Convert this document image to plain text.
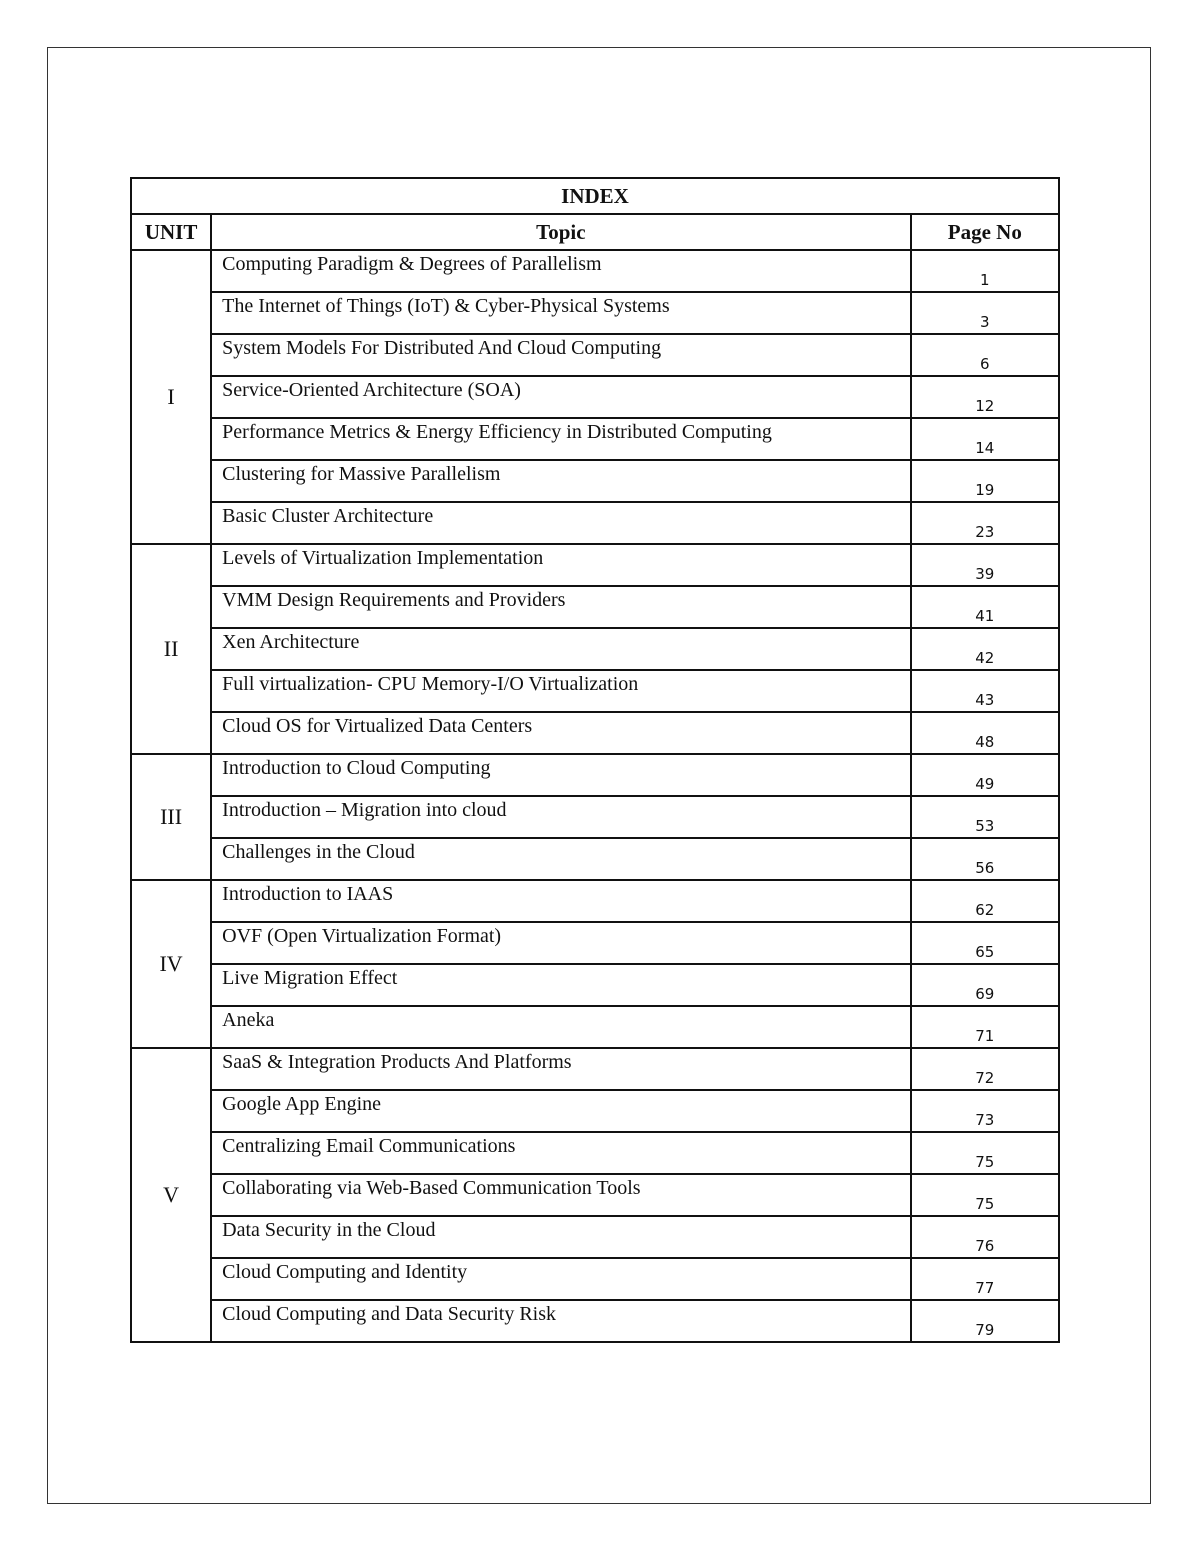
INDEX		
UNIT	Topic	Page No
I	Computing Paradigm & Degrees of Parallelism	1
	The Internet of Things (IoT) & Cyber-Physical Systems	3
	System Models For Distributed And Cloud Computing	6
	Service-Oriented Architecture (SOA)	12
	Performance Metrics & Energy Efficiency in Distributed Computing	14
	Clustering for Massive Parallelism	19
	Basic Cluster Architecture	23
II	Levels of Virtualization Implementation	39
	VMM Design Requirements and Providers	41
	Xen Architecture	42
	Full virtualization- CPU Memory-I/O Virtualization	43
	Cloud OS for Virtualized Data Centers	48
III	Introduction to Cloud Computing	49
	Introduction – Migration into cloud	53
	Challenges in the Cloud	56
IV	Introduction to IAAS	62
	OVF (Open Virtualization Format)	65
	Live Migration Effect	69
	Aneka	71
V	SaaS & Integration Products And Platforms	72
	Google App Engine	73
	Centralizing Email Communications	75
	Collaborating via Web-Based Communication Tools	75
	Data Security in the Cloud	76
	Cloud Computing and Identity	77
	Cloud Computing and Data Security Risk	79
